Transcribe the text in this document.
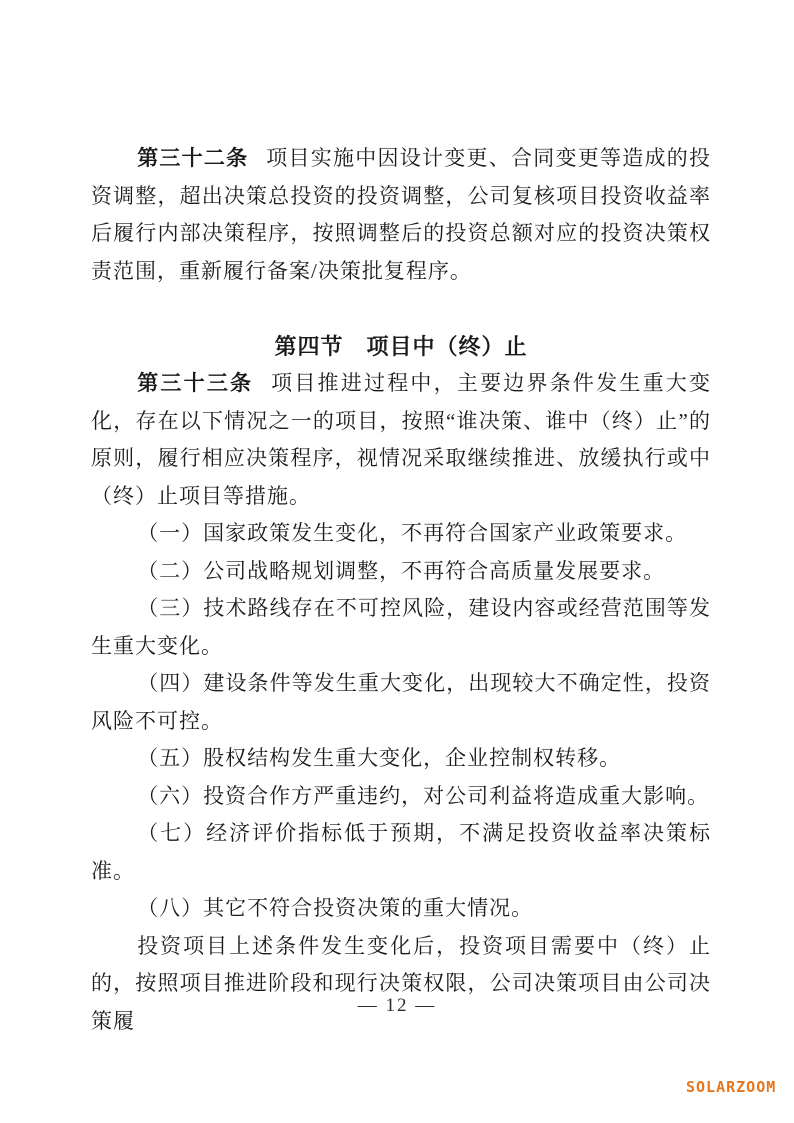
第三十二条 项目实施中因设计变更、合同变更等造成的投资调整，超出决策总投资的投资调整，公司复核项目投资收益率后履行内部决策程序，按照调整后的投资总额对应的投资决策权责范围，重新履行备案/决策批复程序。

第四节　项目中（终）止

第三十三条 项目推进过程中，主要边界条件发生重大变化，存在以下情况之一的项目，按照“谁决策、谁中（终）止”的原则，履行相应决策程序，视情况采取继续推进、放缓执行或中（终）止项目等措施。

（一）国家政策发生变化，不再符合国家产业政策要求。

（二）公司战略规划调整，不再符合高质量发展要求。

（三）技术路线存在不可控风险，建设内容或经营范围等发生重大变化。

（四）建设条件等发生重大变化，出现较大不确定性，投资风险不可控。

（五）股权结构发生重大变化，企业控制权转移。

（六）投资合作方严重违约，对公司利益将造成重大影响。

（七）经济评价指标低于预期，不满足投资收益率决策标准。

（八）其它不符合投资决策的重大情况。

投资项目上述条件发生变化后，投资项目需要中（终）止的，按照项目推进阶段和现行决策权限，公司决策项目由公司决策履

— 12 —
SOLARZOOM
